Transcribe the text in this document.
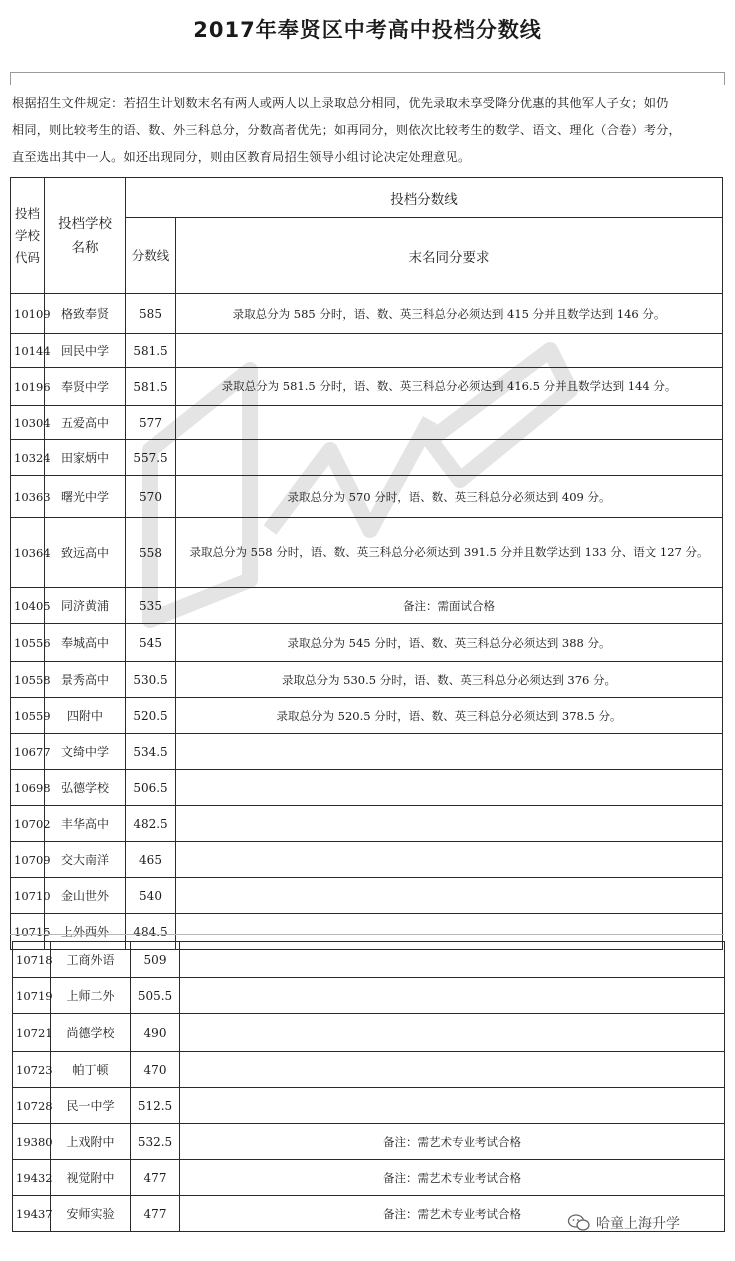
2017年奉贤区中考高中投档分数线

根据招生文件规定：若招生计划数末名有两人或两人以上录取总分相同，优先录取未享受降分优惠的其他军人子女；如仍

相同，则比较考生的语、数、外三科总分，分数高者优先；如再同分，则依次比较考生的数学、语文、理化（合卷）考分，

直至选出其中一人。如还出现同分，则由区教育局招生领导小组讨论决定处理意见。

投档
学校
代码	投档学校
名称	投档分数线	
		分数线	末名同分要求
10109	格致奉贤	585	录取总分为 585 分时，语、数、英三科总分必须达到 415 分并且数学达到 146 分。
10144	回民中学	581.5	
10196	奉贤中学	581.5	录取总分为 581.5 分时，语、数、英三科总分必须达到 416.5 分并且数学达到 144 分。
10304	五爱高中	577	
10324	田家炳中	557.5	
10363	曙光中学	570	录取总分为 570 分时，语、数、英三科总分必须达到 409 分。
10364	致远高中	558	录取总分为 558 分时，语、数、英三科总分必须达到 391.5 分并且数学达到 133 分、语文 127 分。
10405	同济黄浦	535	备注：需面试合格
10556	奉城高中	545	录取总分为 545 分时，语、数、英三科总分必须达到 388 分。
10558	景秀高中	530.5	录取总分为 530.5 分时，语、数、英三科总分必须达到 376 分。
10559	四附中	520.5	录取总分为 520.5 分时，语、数、英三科总分必须达到 378.5 分。
10677	文绮中学	534.5	
10698	弘德学校	506.5	
10702	丰华高中	482.5	
10709	交大南洋	465	
10710	金山世外	540	
10715	上外西外	484.5	
10718	工商外语	509	
10719	上师二外	505.5	
10721	尚德学校	490	
10723	帕丁顿	470	
10728	民一中学	512.5	
19380	上戏附中	532.5	备注：需艺术专业考试合格
19432	视觉附中	477	备注：需艺术专业考试合格
19437	安师实验	477	备注：需艺术专业考试合格
哈童上海升学
